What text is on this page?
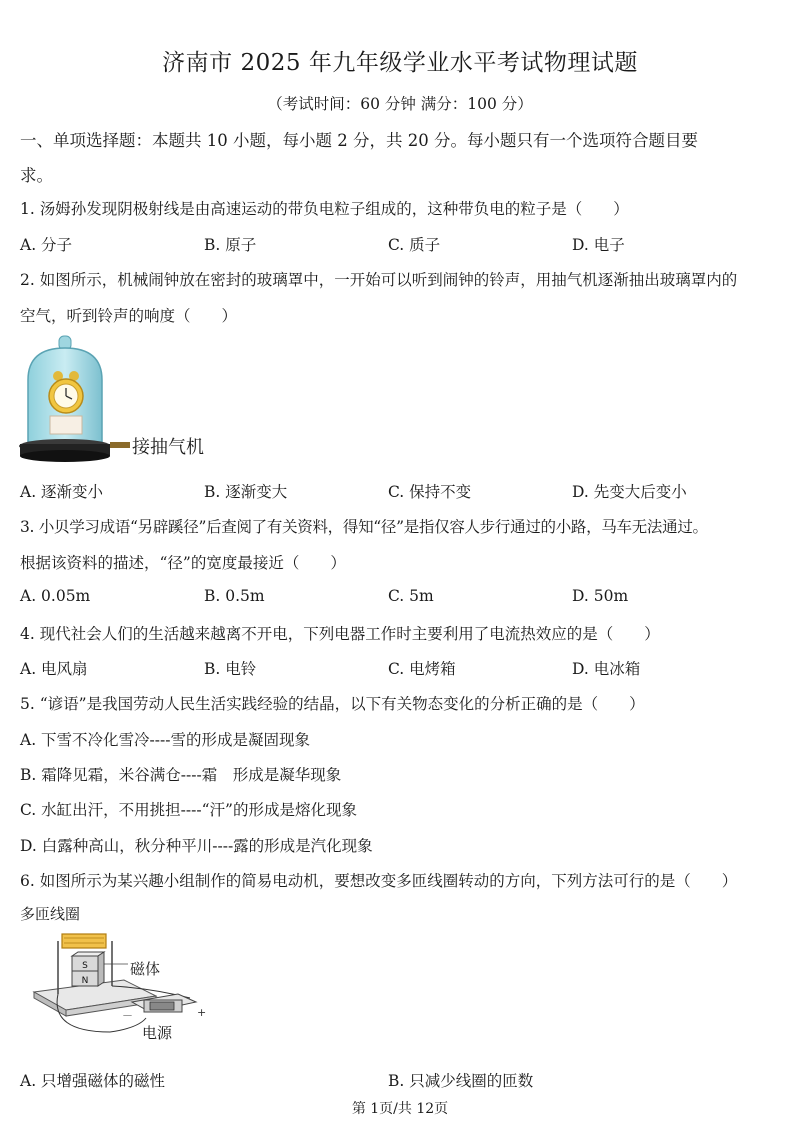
济南市 2025 年九年级学业水平考试物理试题
（考试时间：60 分钟 满分：100 分）
一、单项选择题：本题共 10 小题，每小题 2 分，共 20 分。每小题只有一个选项符合题目要
求。
1. 汤姆孙发现阴极射线是由高速运动的带负电粒子组成的，这种带负电的粒子是（　　）
A. 分子	B. 原子	C. 质子	D. 电子
2. 如图所示，机械闹钟放在密封的玻璃罩中，一开始可以听到闹钟的铃声，用抽气机逐渐抽出玻璃罩内的
空气，听到铃声的响度（　　）
接抽气机
A. 逐渐变小	B. 逐渐变大	C. 保持不变	D. 先变大后变小
3. 小贝学习成语“另辟蹊径”后查阅了有关资料，得知“径”是指仅容人步行通过的小路，马车无法通过。
根据该资料的描述，“径”的宽度最接近（　　）
A. 0.05m	B. 0.5m	C. 5m	D. 50m
4. 现代社会人们的生活越来越离不开电，下列电器工作时主要利用了电流热效应的是（　　）
A. 电风扇	B. 电铃	C. 电烤箱	D. 电冰箱
5. “谚语”是我国劳动人民生活实践经验的结晶，以下有关物态变化的分析正确的是（　　）
A. 下雪不冷化雪冷----雪的形成是凝固现象
B. 霜降见霜，米谷满仓----霜　形成是凝华现象
C. 水缸出汗，不用挑担----“汗”的形成是熔化现象
D. 白露种高山，秋分种平川----露的形成是汽化现象
6. 如图所示为某兴趣小组制作的简易电动机，要想改变多匝线圈转动的方向，下列方法可行的是（　　）
多匝线圈
S
N
－	+
磁体
电源
A. 只增强磁体的磁性	B. 只减少线圈的匝数
第 1页/共 12页
